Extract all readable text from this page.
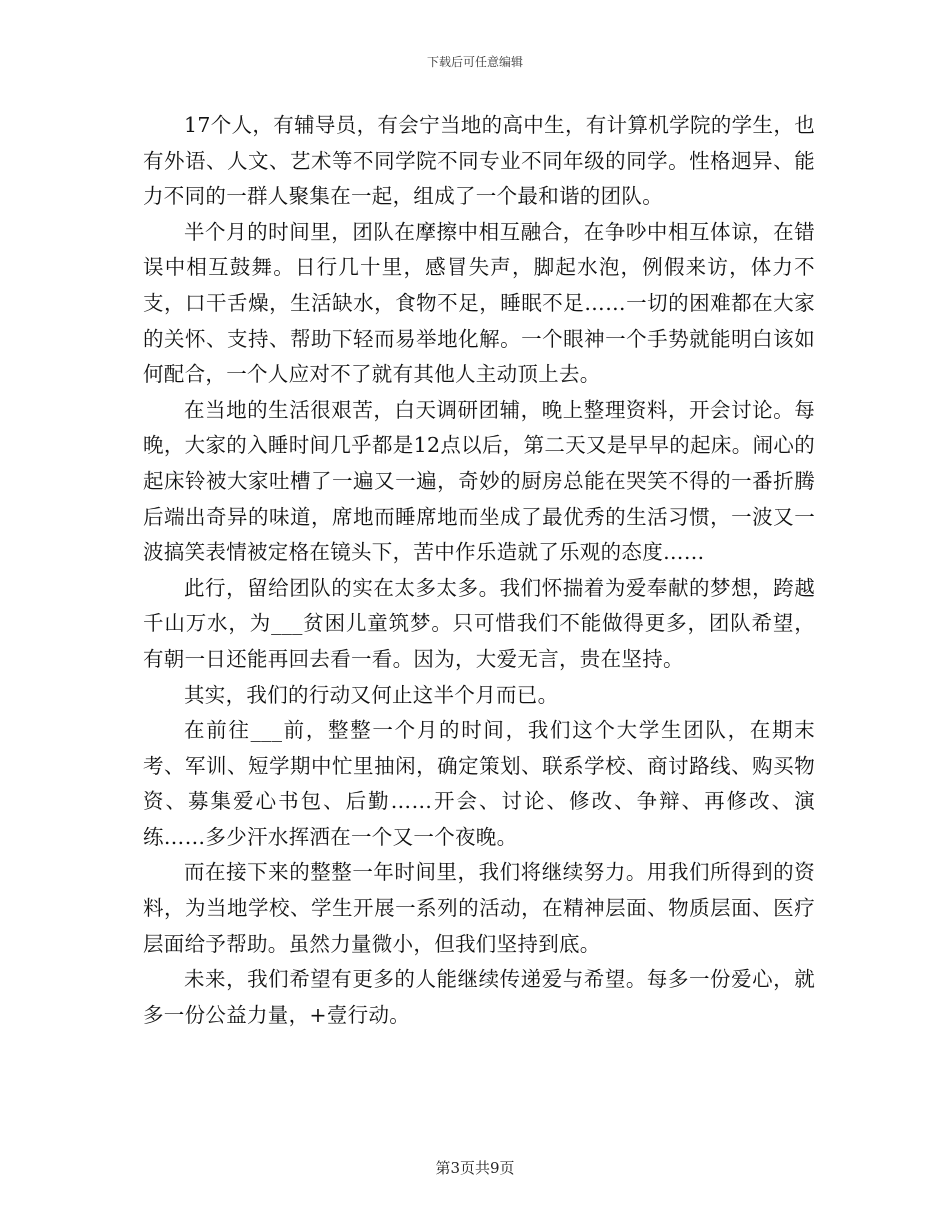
下载后可任意编辑

17个人，有辅导员，有会宁当地的高中生，有计算机学院的学生，也有外语、人文、艺术等不同学院不同专业不同年级的同学。性格迥异、能力不同的一群人聚集在一起，组成了一个最和谐的团队。

半个月的时间里，团队在摩擦中相互融合，在争吵中相互体谅，在错误中相互鼓舞。日行几十里，感冒失声，脚起水泡，例假来访，体力不支，口干舌燥，生活缺水，食物不足，睡眠不足……一切的困难都在大家的关怀、支持、帮助下轻而易举地化解。一个眼神一个手势就能明白该如何配合，一个人应对不了就有其他人主动顶上去。

在当地的生活很艰苦，白天调研团辅，晚上整理资料，开会讨论。每晚，大家的入睡时间几乎都是12点以后，第二天又是早早的起床。闹心的起床铃被大家吐槽了一遍又一遍，奇妙的厨房总能在哭笑不得的一番折腾后端出奇异的味道，席地而睡席地而坐成了最优秀的生活习惯，一波又一波搞笑表情被定格在镜头下，苦中作乐造就了乐观的态度……

此行，留给团队的实在太多太多。我们怀揣着为爱奉献的梦想，跨越千山万水，为___贫困儿童筑梦。只可惜我们不能做得更多，团队希望，有朝一日还能再回去看一看。因为，大爱无言，贵在坚持。

其实，我们的行动又何止这半个月而已。

在前往___前，整整一个月的时间，我们这个大学生团队，在期末考、军训、短学期中忙里抽闲，确定策划、联系学校、商讨路线、购买物资、募集爱心书包、后勤……开会、讨论、修改、争辩、再修改、演练……多少汗水挥洒在一个又一个夜晚。

而在接下来的整整一年时间里，我们将继续努力。用我们所得到的资料，为当地学校、学生开展一系列的活动，在精神层面、物质层面、医疗层面给予帮助。虽然力量微小，但我们坚持到底。

未来，我们希望有更多的人能继续传递爱与希望。每多一份爱心，就多一份公益力量，+壹行动。

第3页共9页
